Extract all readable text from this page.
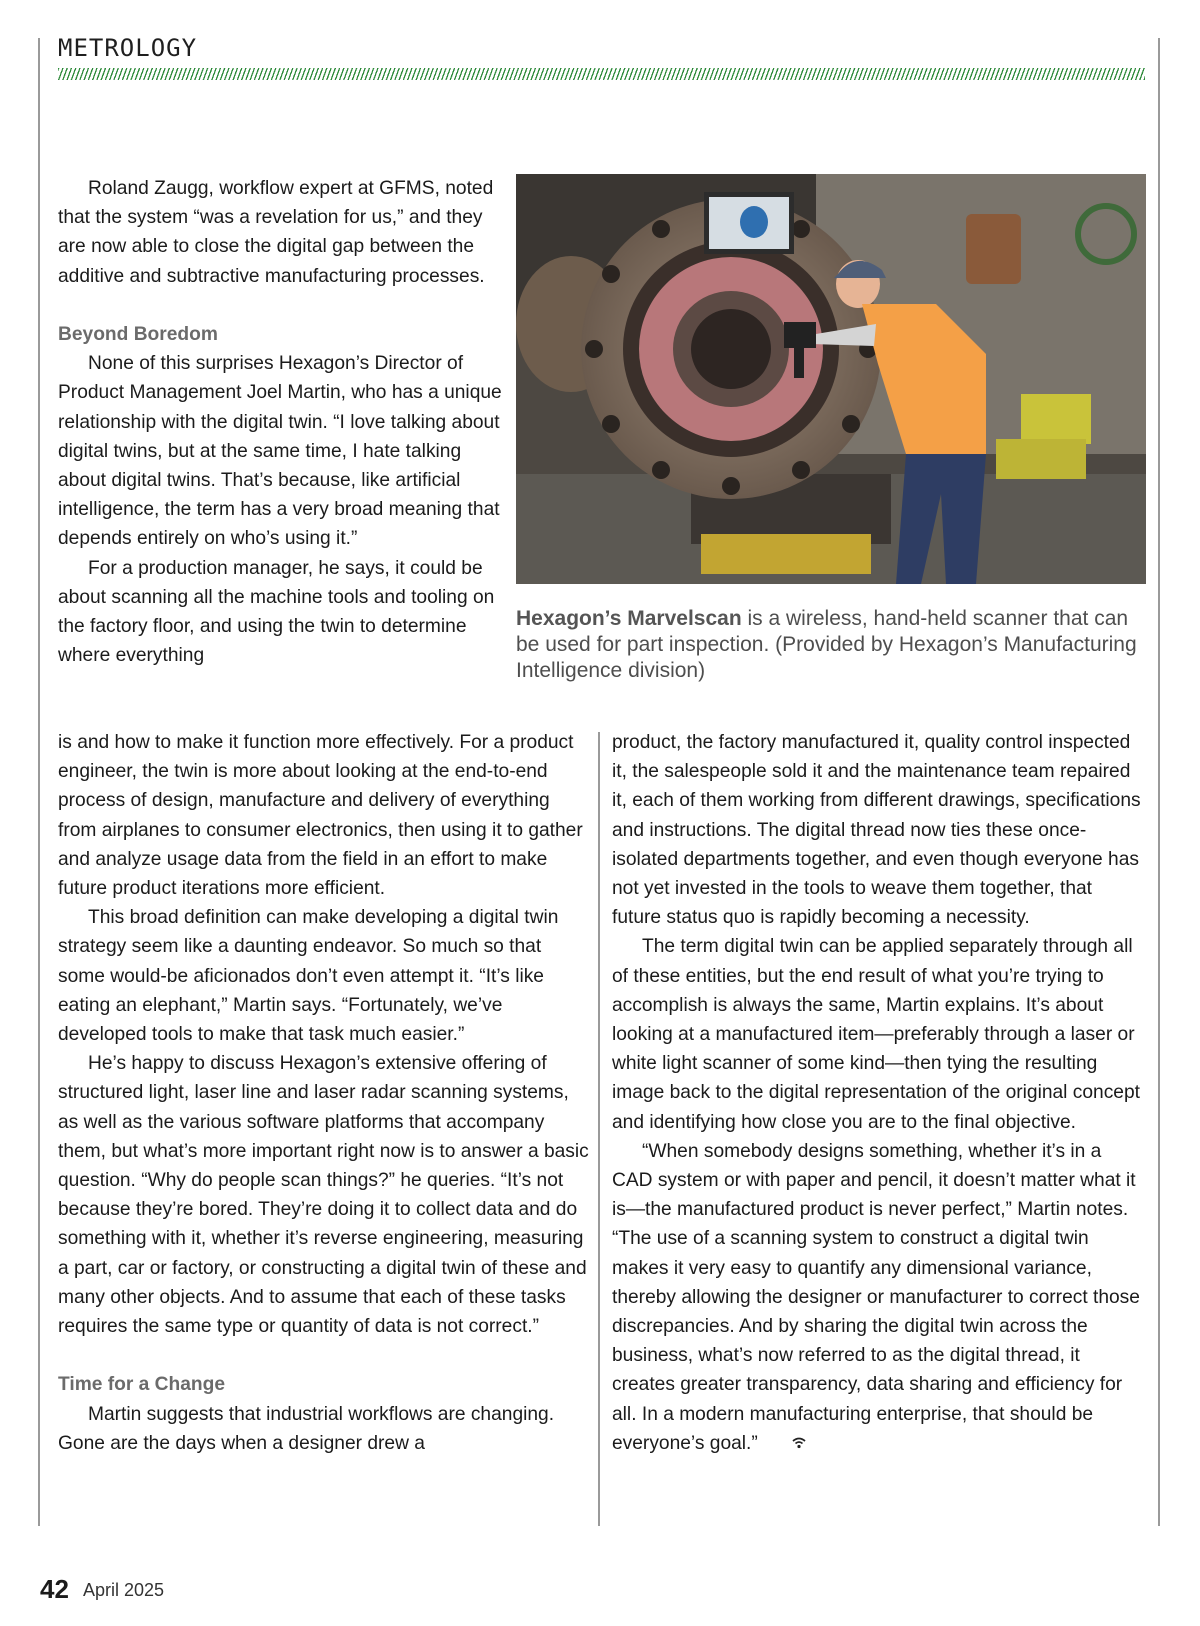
METROLOGY

Roland Zaugg, workflow expert at GFMS, noted that the system “was a revelation for us,” and they are now able to close the digital gap between the additive and subtractive manufacturing processes.

Beyond Boredom

None of this surprises Hexagon’s Director of Product Management Joel Martin, who has a unique relationship with the digital twin. “I love talking about digital twins, but at the same time, I hate talking about digital twins. That’s because, like artificial intelligence, the term has a very broad meaning that depends entirely on who’s using it.”

For a production manager, he says, it could be about scanning all the machine tools and tooling on the factory floor, and using the twin to determine where everything

is and how to make it function more effectively. For a product engineer, the twin is more about looking at the end-to-end process of design, manufacture and delivery of everything from airplanes to consumer electronics, then using it to gather and analyze usage data from the field in an effort to make future product iterations more efficient.

This broad definition can make developing a digital twin strategy seem like a daunting endeavor. So much so that some would-be aficionados don’t even attempt it. “It’s like eating an elephant,” Martin says. “Fortunately, we’ve developed tools to make that task much easier.”

He’s happy to discuss Hexagon’s extensive offering of structured light, laser line and laser radar scanning systems, as well as the various software platforms that accompany them, but what’s more important right now is to answer a basic question. “Why do people scan things?” he queries. “It’s not because they’re bored. They’re doing it to collect data and do something with it, whether it’s reverse engineering, measuring a part, car or factory, or constructing a digital twin of these and many other objects. And to assume that each of these tasks requires the same type or quantity of data is not correct.”

Time for a Change

Martin suggests that industrial workflows are changing. Gone are the days when a designer drew a

product, the factory manufactured it, quality control inspected it, the salespeople sold it and the maintenance team repaired it, each of them working from different drawings, specifications and instructions. The digital thread now ties these once-isolated departments together, and even though everyone has not yet invested in the tools to weave them together, that future status quo is rapidly becoming a necessity.

The term digital twin can be applied separately through all of these entities, but the end result of what you’re trying to accomplish is always the same, Martin explains. It’s about looking at a manufactured item—preferably through a laser or white light scanner of some kind—then tying the resulting image back to the digital representation of the original concept and identifying how close you are to the final objective.

“When somebody designs something, whether it’s in a CAD system or with paper and pencil, it doesn’t matter what it is—the manufactured product is never perfect,” Martin notes. “The use of a scanning system to construct a digital twin makes it very easy to quantify any dimensional variance, thereby allowing the designer or manufacturer to correct those discrepancies. And by sharing the digital twin across the business, what’s now referred to as the digital thread, it creates greater transparency, data sharing and efficiency for all. In a modern manufacturing enterprise, that should be everyone’s goal.”

Hexagon’s Marvelscan is a wireless, hand-held scanner that can be used for part inspection. (Provided by Hexagon’s Manufacturing Intelligence division)
42 April 2025
